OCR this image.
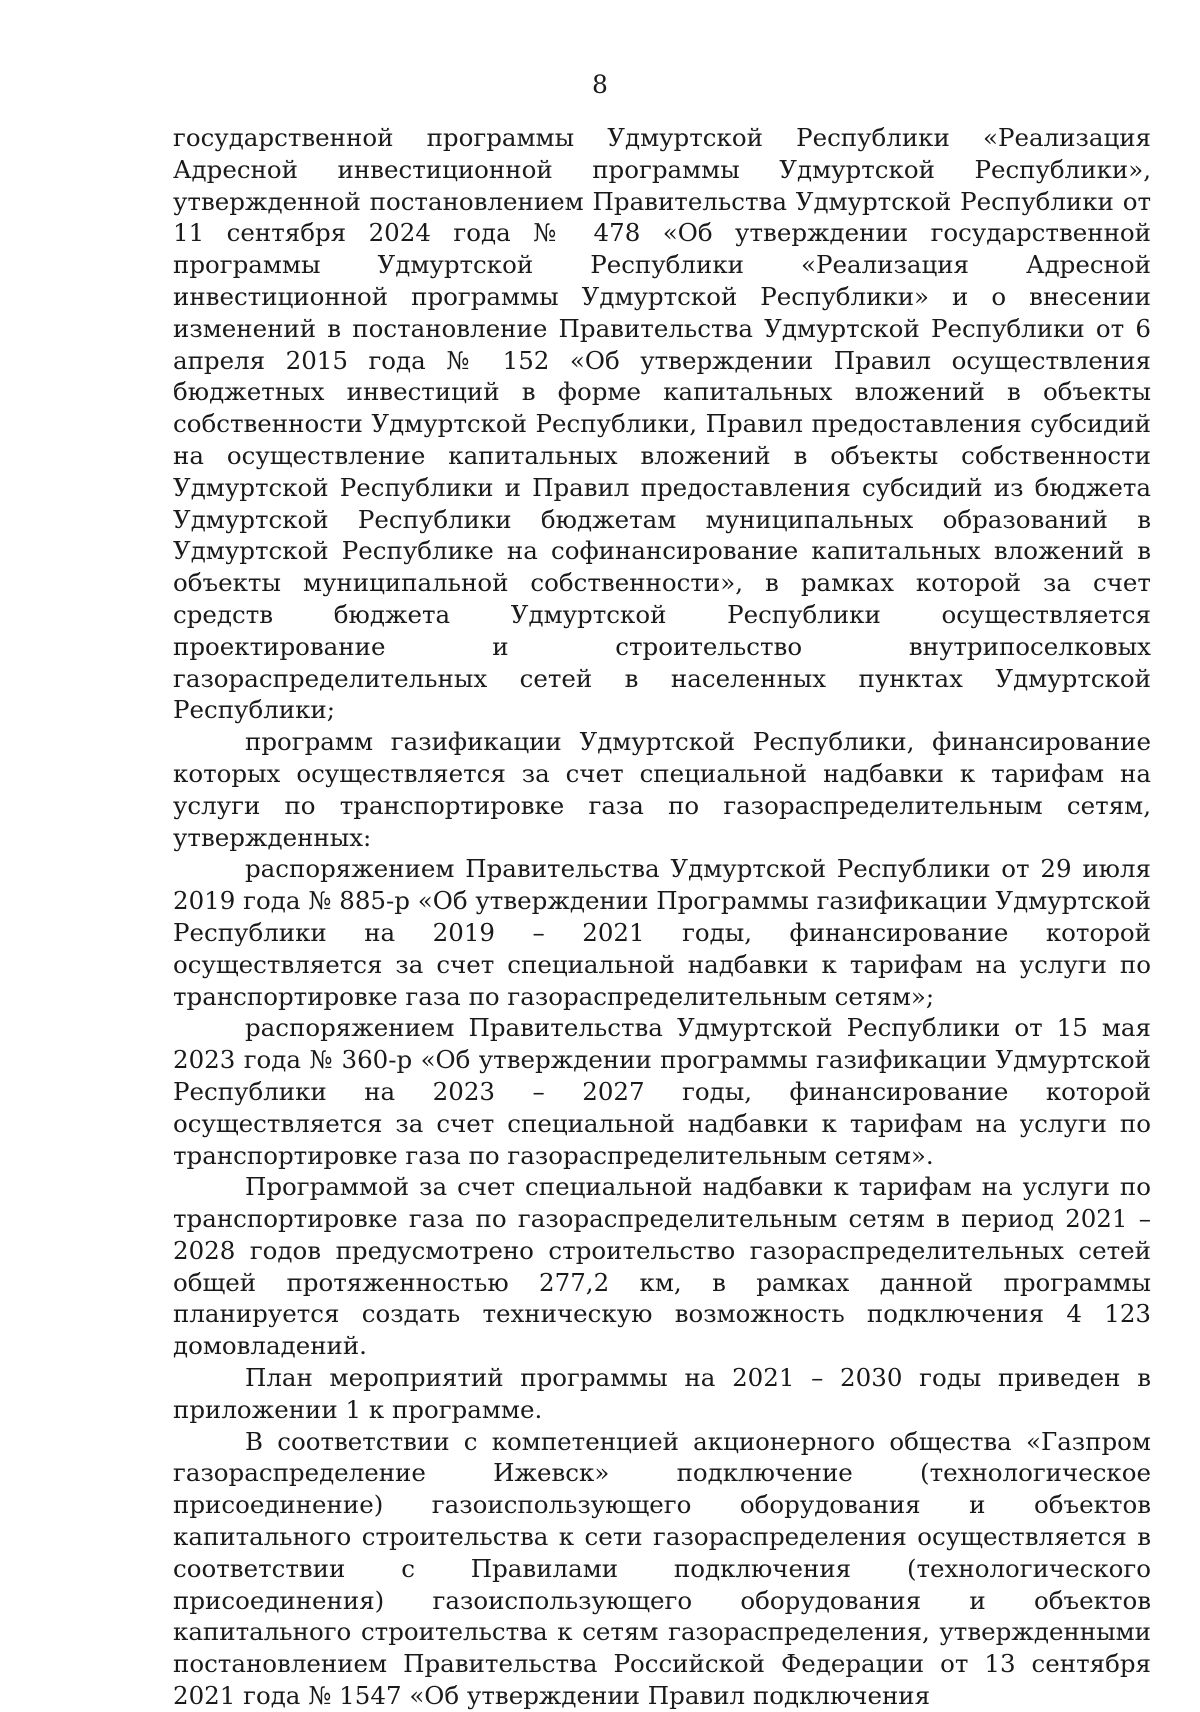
8

государственной программы Удмуртской Республики «Реализация Адресной инвестиционной программы Удмуртской Республики», утвержденной постановлением Правительства Удмуртской Республики от 11 сентября 2024 года № 478 «Об утверждении государственной программы Удмуртской Республики «Реализация Адресной инвестиционной программы Удмуртской Республики» и о внесении изменений в постановление Правительства Удмуртской Республики от 6 апреля 2015 года № 152 «Об утверждении Правил осуществления бюджетных инвестиций в форме капитальных вложений в объекты собственности Удмуртской Республики, Правил предоставления субсидий на осуществление капитальных вложений в объекты собственности Удмуртской Республики и Правил предоставления субсидий из бюджета Удмуртской Республики бюджетам муниципальных образований в Удмуртской Республике на софинансирование капитальных вложений в объекты муниципальной собственности», в рамках которой за счет средств бюджета Удмуртской Республики осуществляется проектирование и строительство внутрипоселковых газораспределительных сетей в населенных пунктах Удмуртской Республики;

программ газификации Удмуртской Республики, финансирование которых осуществляется за счет специальной надбавки к тарифам на услуги по транспортировке газа по газораспределительным сетям, утвержденных:

распоряжением Правительства Удмуртской Республики от 29 июля 2019 года № 885-р «Об утверждении Программы газификации Удмуртской Республики на 2019 – 2021 годы, финансирование которой осуществляется за счет специальной надбавки к тарифам на услуги по транспортировке газа по газораспределительным сетям»;

распоряжением Правительства Удмуртской Республики от 15 мая 2023 года № 360-р «Об утверждении программы газификации Удмуртской Республики на 2023 – 2027 годы, финансирование которой осуществляется за счет специальной надбавки к тарифам на услуги по транспортировке газа по газораспределительным сетям».

Программой за счет специальной надбавки к тарифам на услуги по транспортировке газа по газораспределительным сетям в период 2021 – 2028 годов предусмотрено строительство газораспределительных сетей общей протяженностью 277,2 км, в рамках данной программы планируется создать техническую возможность подключения 4 123 домовладений.

План мероприятий программы на 2021 – 2030 годы приведен в приложении 1 к программе.

В соответствии с компетенцией акционерного общества «Газпром газораспределение Ижевск» подключение (технологическое присоединение) газоиспользующего оборудования и объектов капитального строительства к сети газораспределения осуществляется в соответствии с Правилами подключения (технологического присоединения) газоиспользующего оборудования и объектов капитального строительства к сетям газораспределения, утвержденными постановлением Правительства Российской Федерации от 13 сентября 2021 года № 1547 «Об утверждении Правил подключения
